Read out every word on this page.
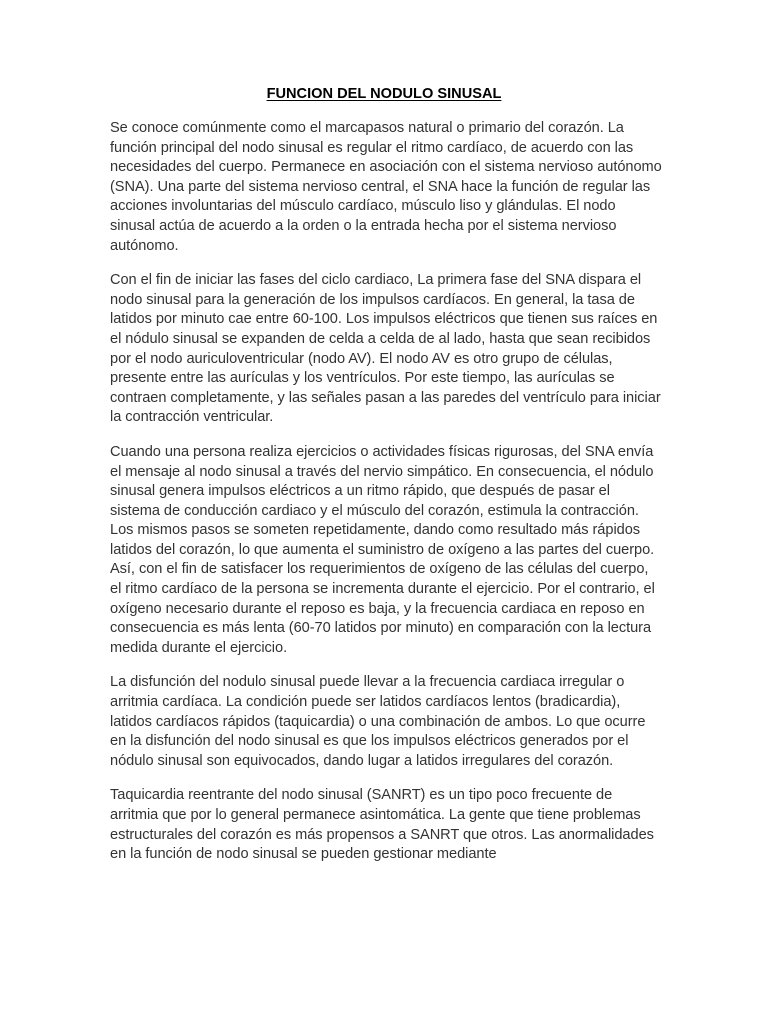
FUNCION DEL NODULO SINUSAL

Se conoce comúnmente como el marcapasos natural o primario del corazón. La función principal del nodo sinusal es regular el ritmo cardíaco, de acuerdo con las necesidades del cuerpo. Permanece en asociación con el sistema nervioso autónomo (SNA). Una parte del sistema nervioso central, el SNA hace la función de regular las acciones involuntarias del músculo cardíaco, músculo liso y glándulas. El nodo sinusal actúa de acuerdo a la orden o la entrada hecha por el sistema nervioso autónomo.

Con el fin de iniciar las fases del ciclo cardiaco, La primera fase del SNA dispara el nodo sinusal para la generación de los impulsos cardíacos. En general, la tasa de latidos por minuto cae entre 60-100. Los impulsos eléctricos que tienen sus raíces en el nódulo sinusal se expanden de celda a celda de al lado, hasta que sean recibidos por el nodo auriculoventricular (nodo AV). El nodo AV es otro grupo de células, presente entre las aurículas y los ventrículos. Por este tiempo, las aurículas se contraen completamente, y las señales pasan a las paredes del ventrículo para iniciar la contracción ventricular.

Cuando una persona realiza ejercicios o actividades físicas rigurosas, del SNA envía el mensaje al nodo sinusal a través del nervio simpático. En consecuencia, el nódulo sinusal genera impulsos eléctricos a un ritmo rápido, que después de pasar el sistema de conducción cardiaco y el músculo del corazón, estimula la contracción. Los mismos pasos se someten repetidamente, dando como resultado más rápidos latidos del corazón, lo que aumenta el suministro de oxígeno a las partes del cuerpo. Así, con el fin de satisfacer los requerimientos de oxígeno de las células del cuerpo, el ritmo cardíaco de la persona se incrementa durante el ejercicio. Por el contrario, el oxígeno necesario durante el reposo es baja, y la frecuencia cardiaca en reposo en consecuencia es más lenta (60-70 latidos por minuto) en comparación con la lectura medida durante el ejercicio.

La disfunción del nodulo sinusal puede llevar a la frecuencia cardiaca irregular o arritmia cardíaca. La condición puede ser latidos cardíacos lentos (bradicardia), latidos cardíacos rápidos (taquicardia) o una combinación de ambos. Lo que ocurre en la disfunción del nodo sinusal es que los impulsos eléctricos generados por el nódulo sinusal son equivocados, dando lugar a latidos irregulares del corazón.

Taquicardia reentrante del nodo sinusal (SANRT) es un tipo poco frecuente de arritmia que por lo general permanece asintomática. La gente que tiene problemas estructurales del corazón es más propensos a SANRT que otros. Las anormalidades en la función de nodo sinusal se pueden gestionar mediante
